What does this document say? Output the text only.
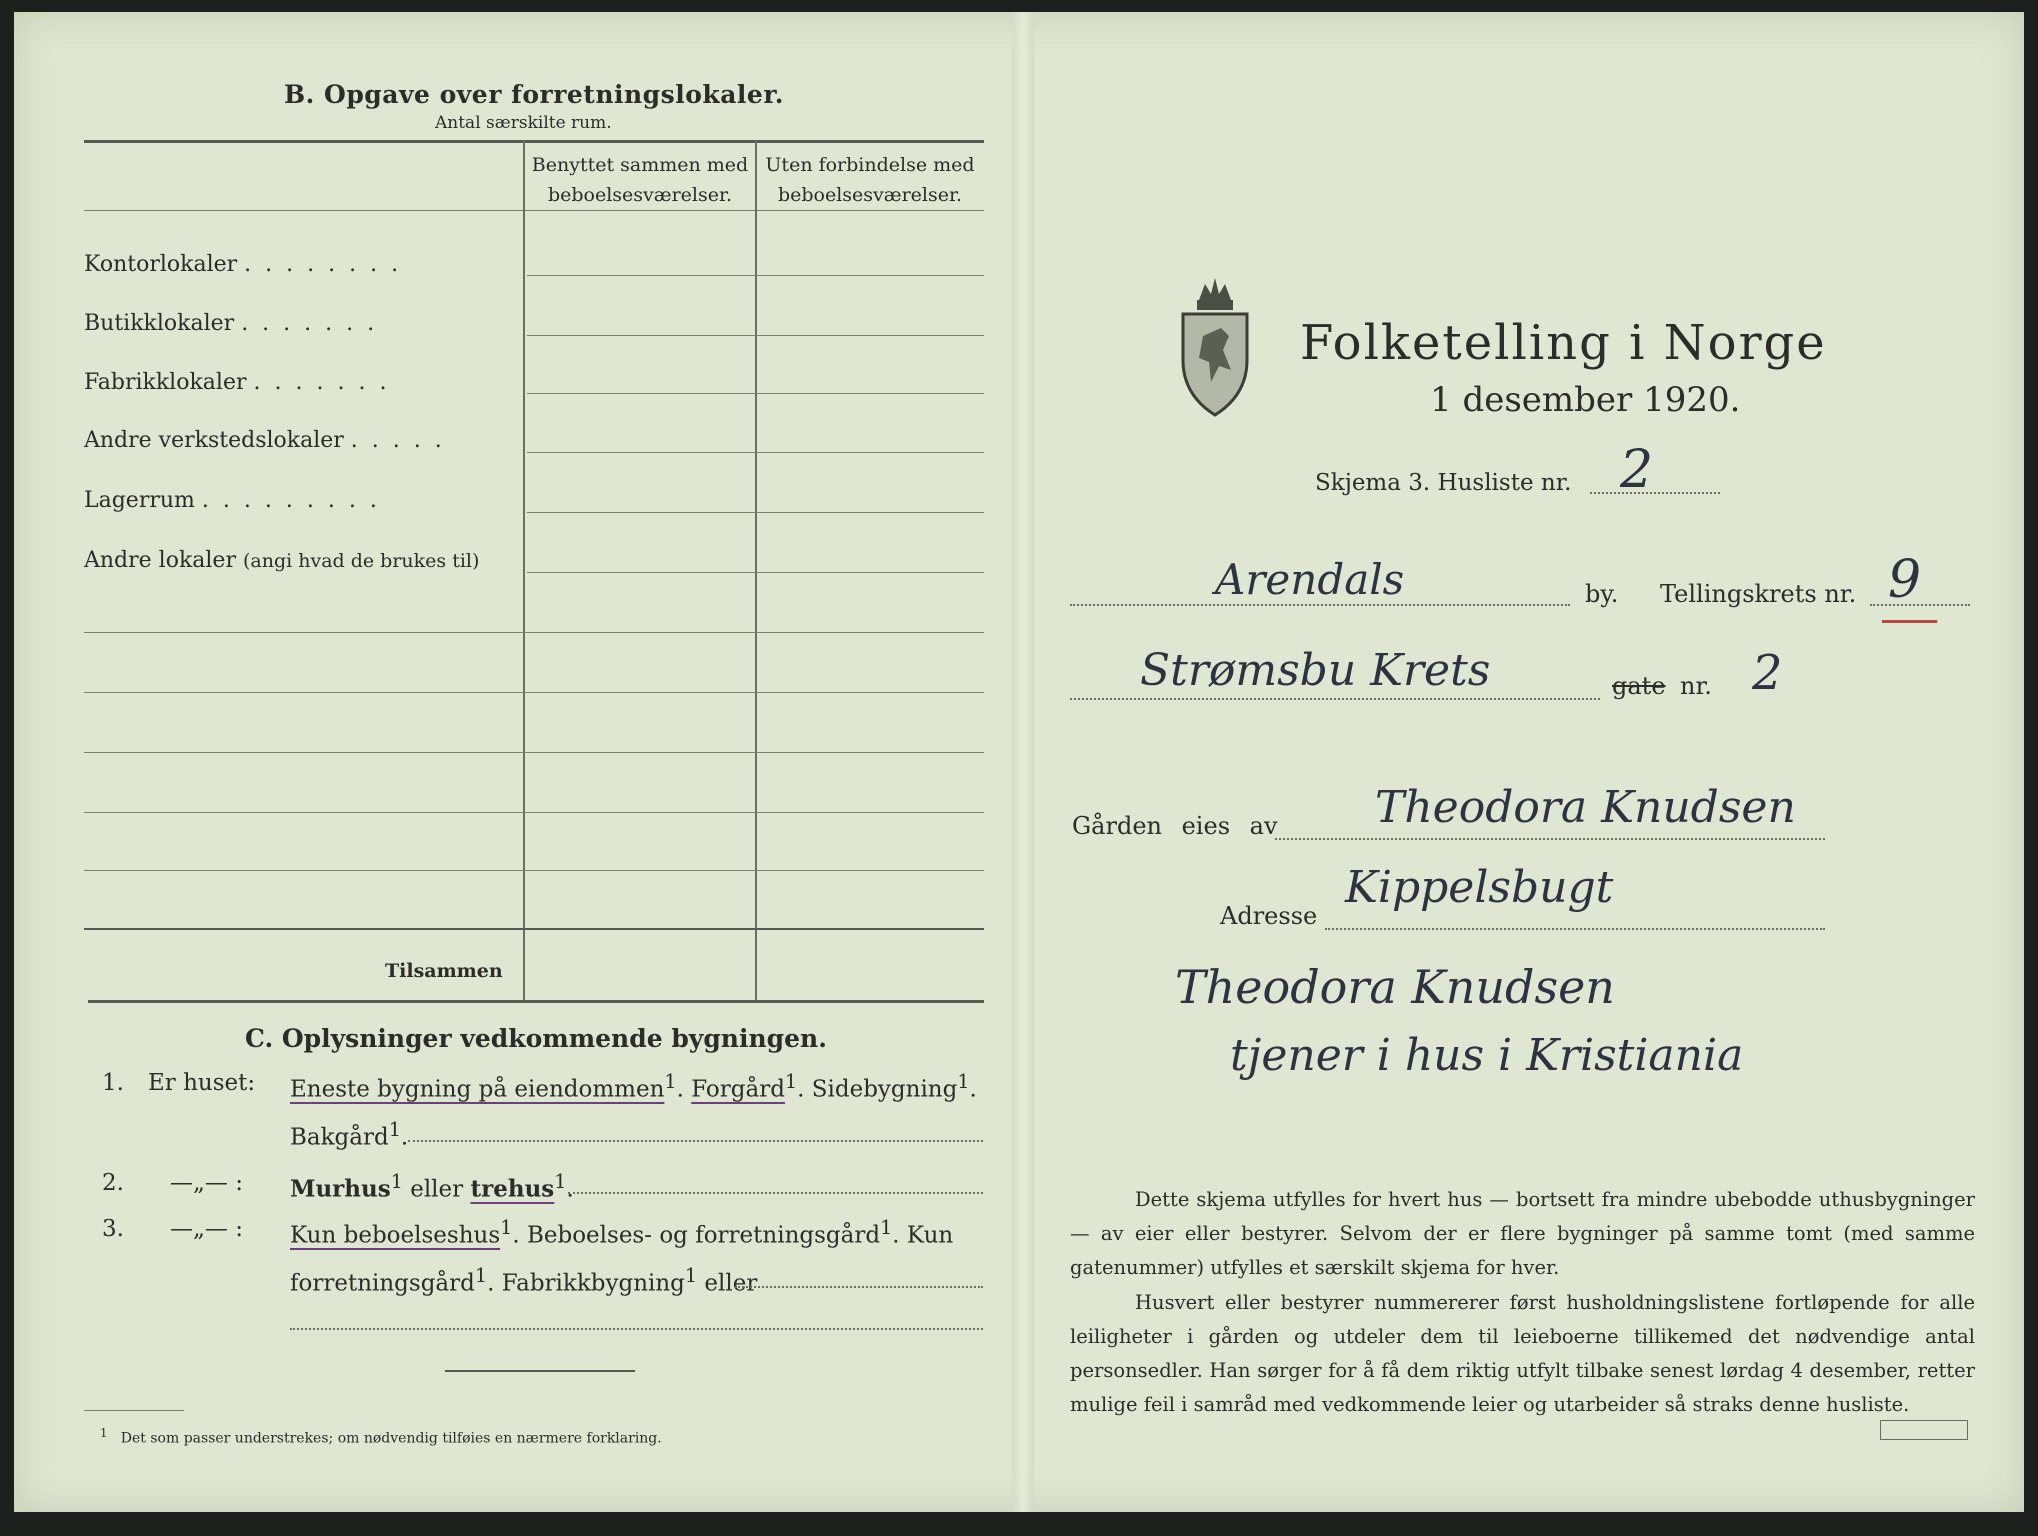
B. Opgave over forretningslokaler.
Antal særskilte rum.
Benyttet sammen med
beboelsesværelser.
Uten forbindelse med
beboelsesværelser.
Kontorlokaler ........
Butikklokaler .......
Fabrikklokaler .......
Andre verkstedslokaler .....
Lagerrum .........
Andre lokaler (angi hvad de brukes til)
Tilsammen
C. Oplysninger vedkommende bygningen.
1. Er huset: Eneste bygning på eiendommen$^1$. Forgård$^1$. Sidebygning$^1$.
Bakgård$^1$.
2. —„— : Murhus$^1$ eller trehus$^1$.
3. —„— : Kun beboelseshus$^1$. Beboelses- og forretningsgård$^1$. Kun
forretningsgård$^1$. Fabrikkbygning$^1$ eller
$^1$ Det som passer understrekes; om nødvendig tilføies en nærmere forklaring.
Folketelling i Norge
1 desember 1920.
Skjema 3. Husliste nr. 2
Arendals	by. Tellingskrets nr. 9
Strømsbu Krets	gate nr. 2
Gården eies av Theodora Knudsen
Adresse
Kippelsbugt
Theodora Knudsen
tjener i hus i Kristiania
Dette skjema utfylles for hvert hus — bortsett fra mindre ubebodde uthusbygninger — av eier eller bestyrer. Selvom der er flere bygninger på samme tomt (med samme gatenummer) utfylles et særskilt skjema for hver.
Husvert eller bestyrer nummererer først husholdningslistene fortløpende for alle leiligheter i gården og utdeler dem til leieboerne tillikemed det nødvendige antal personsedler. Han sørger for å få dem riktig utfylt tilbake senest lørdag 4 desember, retter mulige feil i samråd med vedkommende leier og utarbeider så straks denne husliste.
